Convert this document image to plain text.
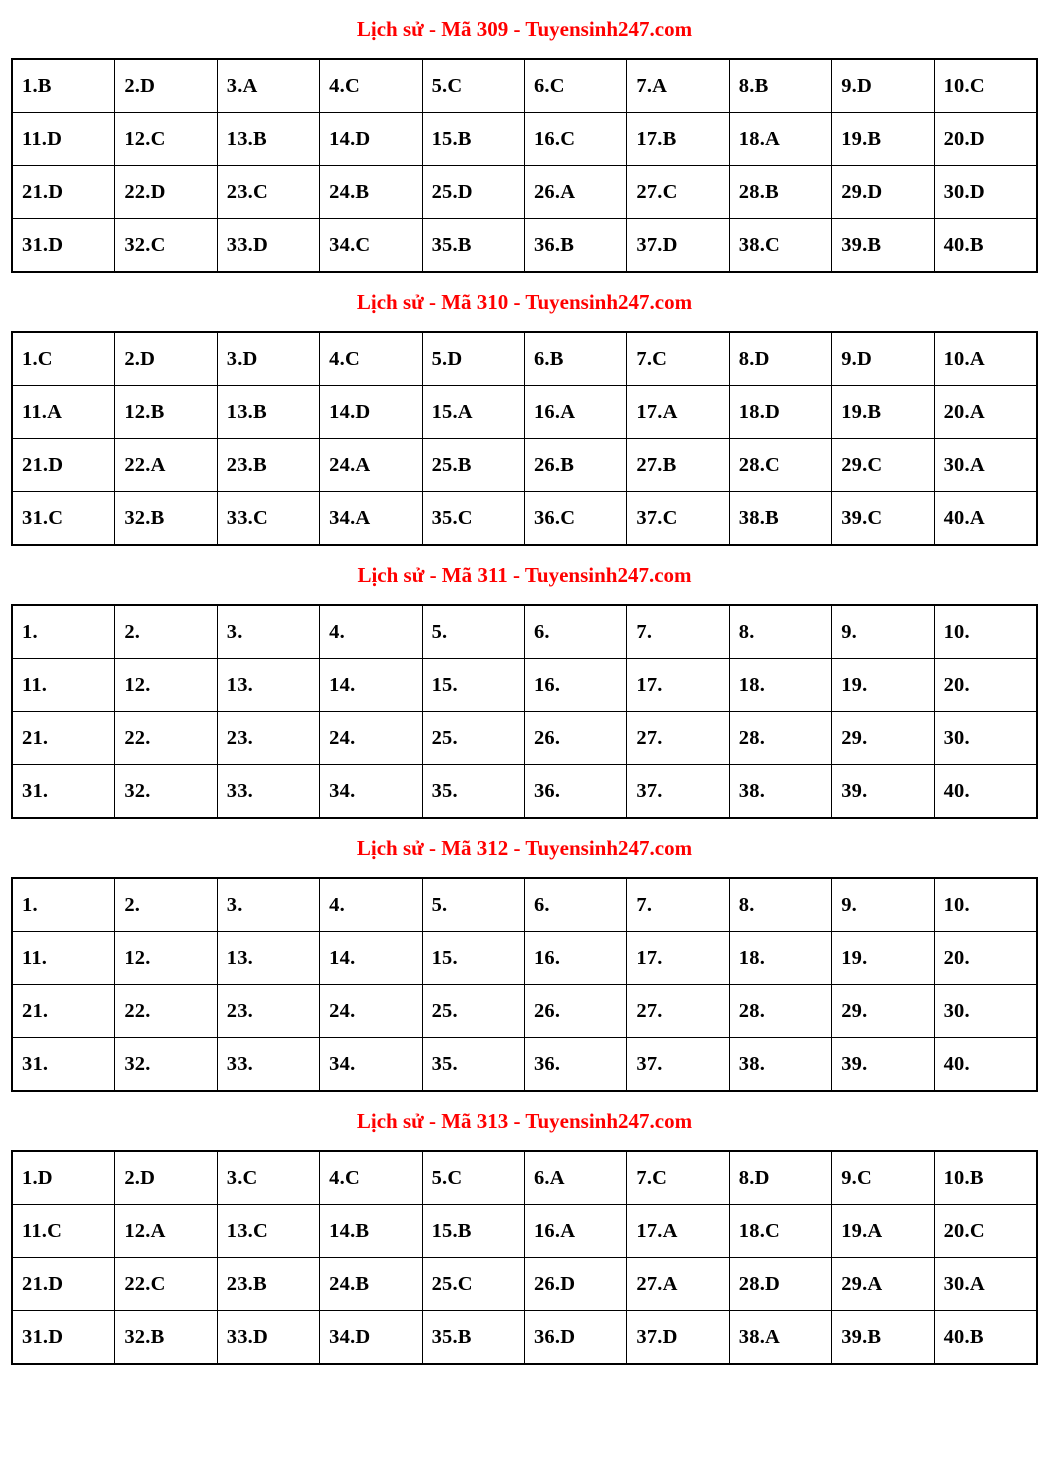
Lịch sử - Mã 309 - Tuyensinh247.com
1.B	2.D	3.A	4.C	5.C	6.C	7.A	8.B	9.D	10.C
11.D	12.C	13.B	14.D	15.B	16.C	17.B	18.A	19.B	20.D
21.D	22.D	23.C	24.B	25.D	26.A	27.C	28.B	29.D	30.D
31.D	32.C	33.D	34.C	35.B	36.B	37.D	38.C	39.B	40.B
Lịch sử - Mã 310 - Tuyensinh247.com
1.C	2.D	3.D	4.C	5.D	6.B	7.C	8.D	9.D	10.A
11.A	12.B	13.B	14.D	15.A	16.A	17.A	18.D	19.B	20.A
21.D	22.A	23.B	24.A	25.B	26.B	27.B	28.C	29.C	30.A
31.C	32.B	33.C	34.A	35.C	36.C	37.C	38.B	39.C	40.A
Lịch sử - Mã 311 - Tuyensinh247.com
1.	2.	3.	4.	5.	6.	7.	8.	9.	10.
11.	12.	13.	14.	15.	16.	17.	18.	19.	20.
21.	22.	23.	24.	25.	26.	27.	28.	29.	30.
31.	32.	33.	34.	35.	36.	37.	38.	39.	40.
Lịch sử - Mã 312 - Tuyensinh247.com
1.	2.	3.	4.	5.	6.	7.	8.	9.	10.
11.	12.	13.	14.	15.	16.	17.	18.	19.	20.
21.	22.	23.	24.	25.	26.	27.	28.	29.	30.
31.	32.	33.	34.	35.	36.	37.	38.	39.	40.
Lịch sử - Mã 313 - Tuyensinh247.com
1.D	2.D	3.C	4.C	5.C	6.A	7.C	8.D	9.C	10.B
11.C	12.A	13.C	14.B	15.B	16.A	17.A	18.C	19.A	20.C
21.D	22.C	23.B	24.B	25.C	26.D	27.A	28.D	29.A	30.A
31.D	32.B	33.D	34.D	35.B	36.D	37.D	38.A	39.B	40.B
